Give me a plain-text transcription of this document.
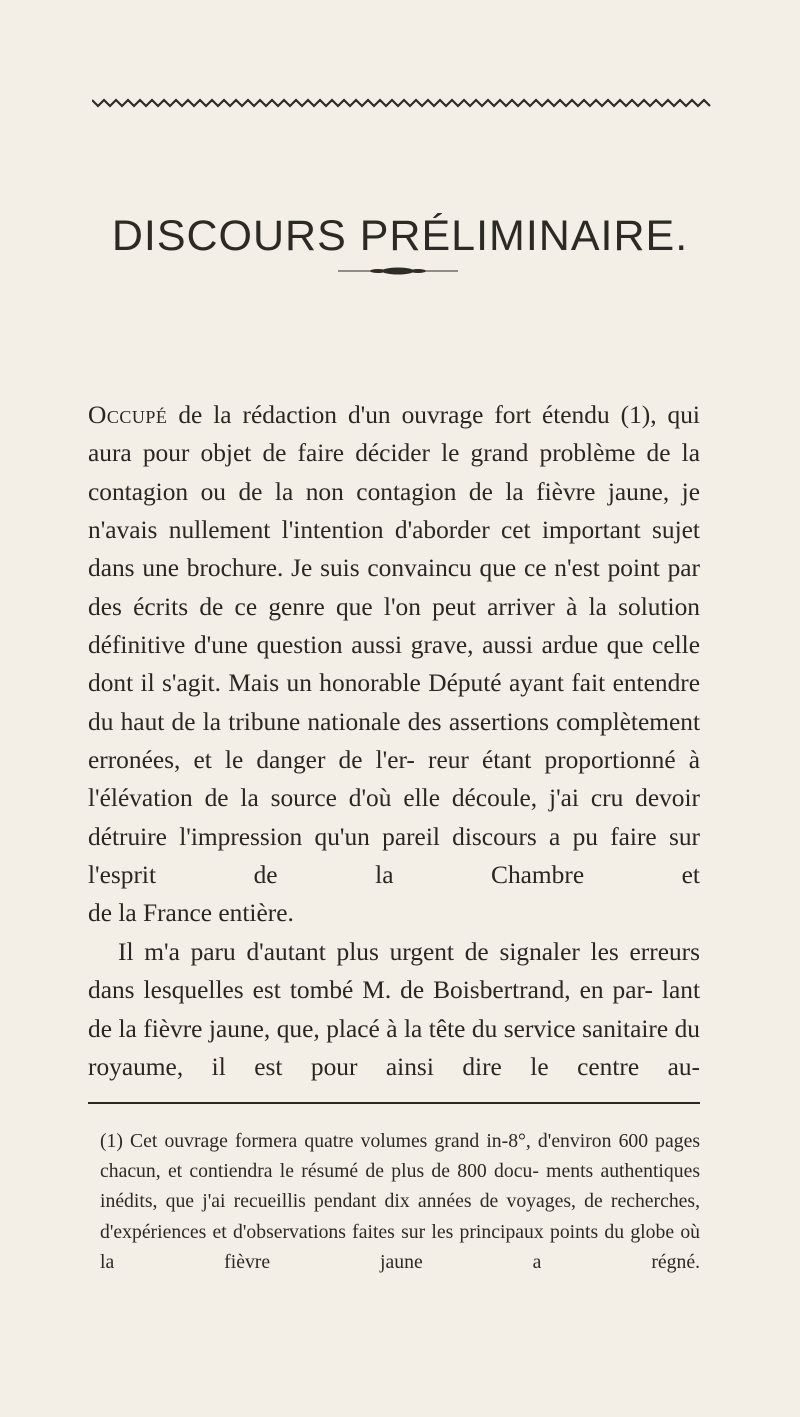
DISCOURS PRÉLIMINAIRE.

Occupé de la rédaction d'un ouvrage fort étendu (1), qui aura pour objet de faire décider le grand problème de la contagion ou de la non contagion de la fièvre jaune, je n'avais nullement l'intention d'aborder cet important sujet dans une brochure. Je suis convaincu que ce n'est point par des écrits de ce genre que l'on peut arriver à la solution définitive d'une question aussi grave, aussi ardue que celle dont il s'agit. Mais un honorable Député ayant fait entendre du haut de la tribune nationale des assertions complètement erronées, et le danger de l'er- reur étant proportionné à l'élévation de la source d'où elle découle, j'ai cru devoir détruire l'impression qu'un pareil discours a pu faire sur l'esprit de la Chambre et de la France entière.

Il m'a paru d'autant plus urgent de signaler les erreurs dans lesquelles est tombé M. de Boisbertrand, en par- lant de la fièvre jaune, que, placé à la tête du service sanitaire du royaume, il est pour ainsi dire le centre au-

(1) Cet ouvrage formera quatre volumes grand in-8°, d'environ 600 pages chacun, et contiendra le résumé de plus de 800 docu- ments authentiques inédits, que j'ai recueillis pendant dix années de voyages, de recherches, d'expériences et d'observations faites sur les principaux points du globe où la fièvre jaune a régné.
